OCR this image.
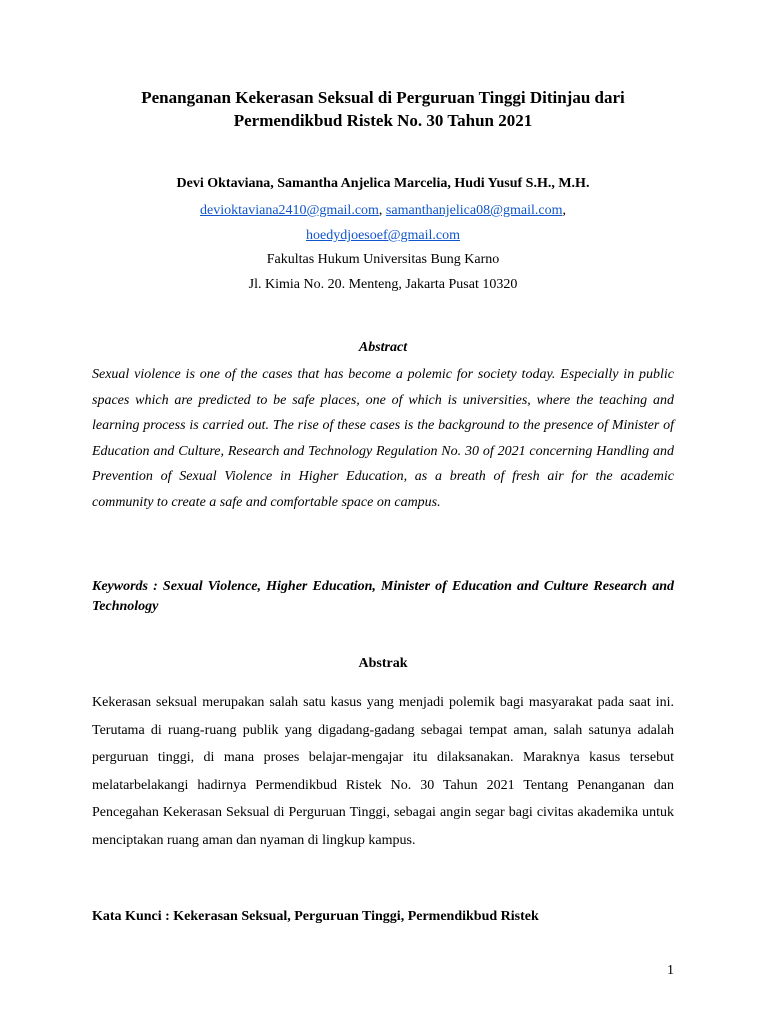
Penanganan Kekerasan Seksual di Perguruan Tinggi Ditinjau dari
Permendikbud Ristek No. 30 Tahun 2021
Devi Oktaviana, Samantha Anjelica Marcelia, Hudi Yusuf S.H., M.H.
devioktaviana2410@gmail.com, samanthanjelica08@gmail.com,
hoedydjoesoef@gmail.com
Fakultas Hukum Universitas Bung Karno
Jl. Kimia No. 20. Menteng, Jakarta Pusat 10320
Abstract
Sexual violence is one of the cases that has become a polemic for society today. Especially in public spaces which are predicted to be safe places, one of which is universities, where the teaching and learning process is carried out. The rise of these cases is the background to the presence of Minister of Education and Culture, Research and Technology Regulation No. 30 of 2021 concerning Handling and Prevention of Sexual Violence in Higher Education, as a breath of fresh air for the academic community to create a safe and comfortable space on campus.
Keywords : Sexual Violence, Higher Education, Minister of Education and Culture Research and Technology
Abstrak
Kekerasan seksual merupakan salah satu kasus yang menjadi polemik bagi masyarakat pada saat ini. Terutama di ruang-ruang publik yang digadang-gadang sebagai tempat aman, salah satunya adalah perguruan tinggi, di mana proses belajar-mengajar itu dilaksanakan. Maraknya kasus tersebut melatarbelakangi hadirnya Permendikbud Ristek No. 30 Tahun 2021 Tentang Penanganan dan Pencegahan Kekerasan Seksual di Perguruan Tinggi, sebagai angin segar bagi civitas akademika untuk menciptakan ruang aman dan nyaman di lingkup kampus.
Kata Kunci : Kekerasan Seksual, Perguruan Tinggi, Permendikbud Ristek
1
